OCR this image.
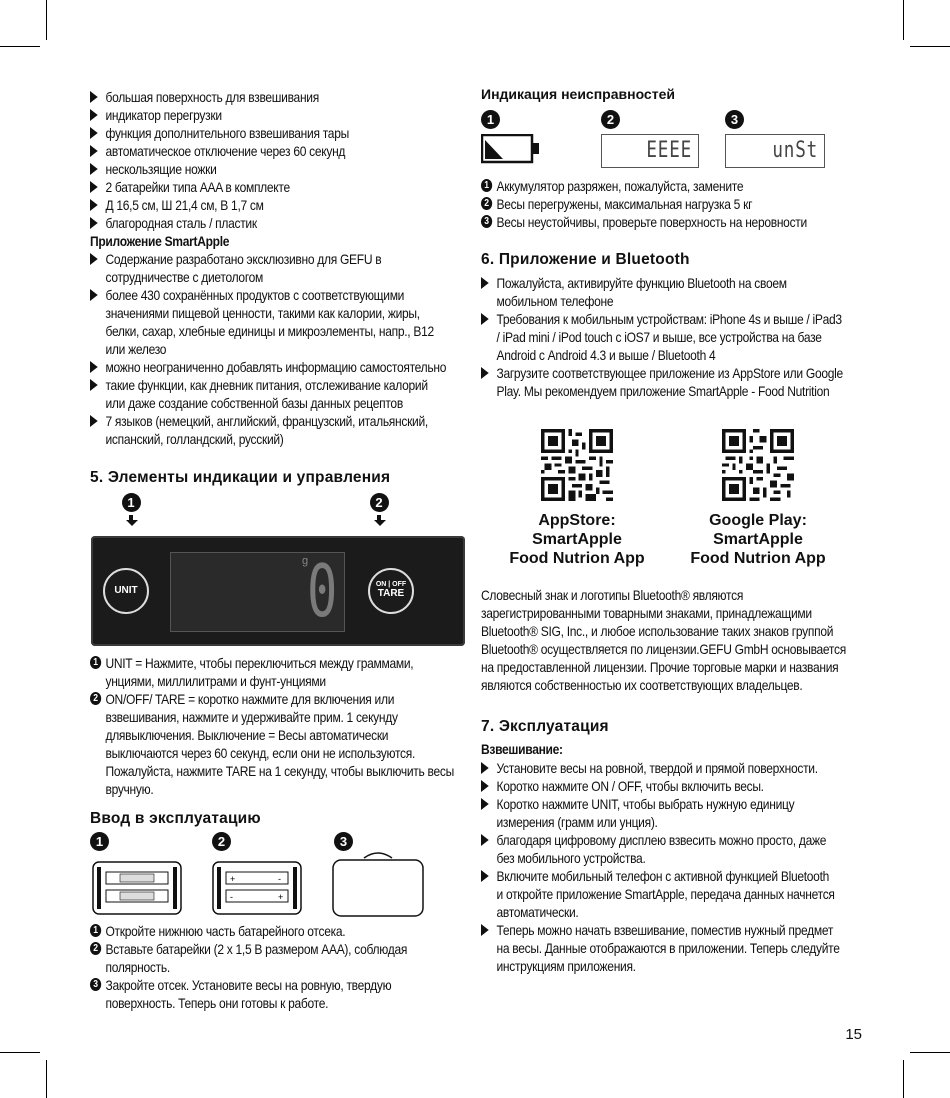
большая поверхность для взвешивания
индикатор перегрузки
функция дополнительного взвешивания тары
автоматическое отключение через 60 секунд
нескользящие ножки
2 батарейки типа AAA в комплекте
Д 16,5 см, Ш 21,4 см, В 1,7 см
благородная сталь / пластик
Приложение SmartApple
Содержание разработано эксклюзивно для GEFU в
сотрудничестве с диетологом
более 430 сохранённых продуктов с соответствующими
значениями пищевой ценности, такими как калории, жиры,
белки, сахар, хлебные единицы и микроэлементы, напр., B12
или железо
можно неограниченно добавлять информацию самостоятельно
такие функции, как дневник питания, отслеживание калорий
или даже создание собственной базы данных рецептов
7 языков (немецкий, английский, французский, итальянский,
испанский, голландский, русский)
5. Элементы индикации и управления
1	2
UNIT
g
0	ON | OFF
TARE
1 UNIT = Нажмите, чтобы переключиться между граммами,
унциями, миллилитрами и фунт-унциями
2 ON/OFF/ TARE = коротко нажмите для включения или
взвешивания, нажмите и удерживайте прим. 1 секунду
длявыключения. Выключение = Весы автоматически
выключаются через 60 секунд, если они не используются.
Пожалуйста, нажмите TARE на 1 секунду, чтобы выключить весы
вручную.
Ввод в эксплуатацию
1	2	3
+	-
-	+
1 Откройте нижнюю часть батарейного отсека.
2 Вставьте батарейки (2 x 1,5 В размером AAA), соблюдая
полярность.
3 Закройте отсек. Установите весы на ровную, твердую
поверхность. Теперь они готовы к работе.
Индикация неисправностей
1	2	3
EEEE	unSt
1 Аккумулятор разряжен, пожалуйста, замените
2 Весы перегружены, максимальная нагрузка 5 кг
3 Весы неустойчивы, проверьте поверхность на неровности
6. Приложение и Bluetooth
Пожалуйста, активируйте функцию Bluetooth на своем
мобильном телефоне
Требования к мобильным устройствам: iPhone 4s и выше / iPad3
/ iPad mini / iPod touch с iOS7 и выше, все устройства на базе
Android с Android 4.3 и выше / Bluetooth 4
Загрузите соответствующее приложение из AppStore или Google
Play. Мы рекомендуем приложение SmartApple - Food Nutrition
AppStore:
SmartApple
Food Nutrion App
Google Play:
SmartApple
Food Nutrion App
Словесный знак и логотипы Bluetooth® являются
зарегистрированными товарными знаками, принадлежащими
Bluetooth® SIG, Inc., и любое использование таких знаков группой
Bluetooth® осуществляется по лицензии.GEFU GmbH основывается
на предоставленной лицензии. Прочие торговые марки и названия
являются собственностью их соответствующих владельцев.
7. Эксплуатация
Взвешивание:
Установите весы на ровной, твердой и прямой поверхности.
Коротко нажмите ON / OFF, чтобы включить весы.
Коротко нажмите UNIT, чтобы выбрать нужную единицу
измерения (грамм или унция).
благодаря цифровому дисплею взвесить можно просто, даже
без мобильного устройства.
Включите мобильный телефон с активной функцией Bluetooth
и откройте приложение SmartApple, передача данных начнется
автоматически.
Теперь можно начать взвешивание, поместив нужный предмет
на весы. Данные отображаются в приложении. Теперь следуйте
инструкциям приложения.
15
